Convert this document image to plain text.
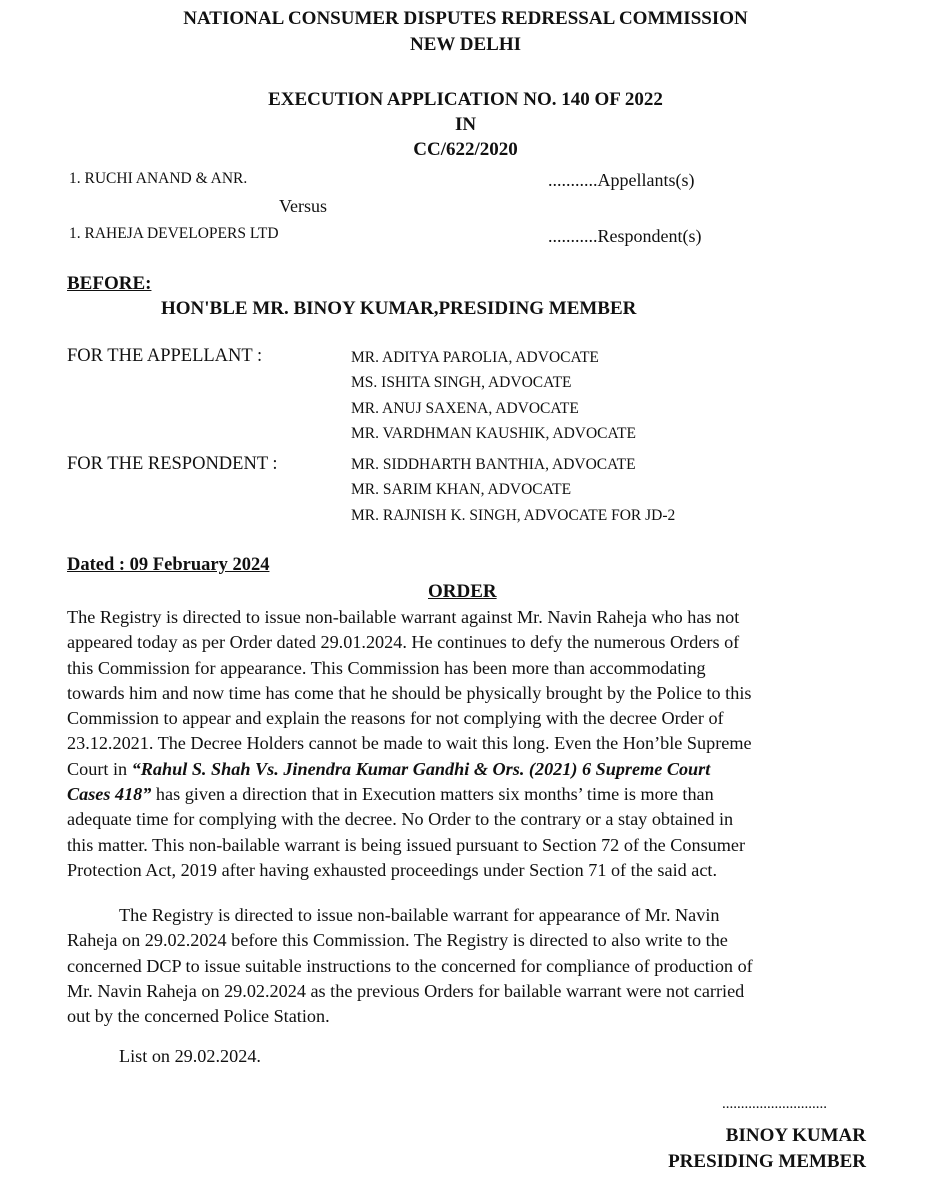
NATIONAL CONSUMER DISPUTES REDRESSAL COMMISSION
NEW DELHI
EXECUTION APPLICATION NO. 140 OF 2022
IN
CC/622/2020
1. RUCHI ANAND & ANR.	...........Appellants(s)
Versus
1. RAHEJA DEVELOPERS LTD	...........Respondent(s)
BEFORE:
HON'BLE MR. BINOY KUMAR,PRESIDING MEMBER
FOR THE APPELLANT :	MR. ADITYA PAROLIA, ADVOCATE
MS. ISHITA SINGH, ADVOCATE
MR. ANUJ SAXENA, ADVOCATE
MR. VARDHMAN KAUSHIK, ADVOCATE
FOR THE RESPONDENT :	MR. SIDDHARTH BANTHIA, ADVOCATE
MR. SARIM KHAN, ADVOCATE
MR. RAJNISH K. SINGH, ADVOCATE FOR JD-2
Dated : 09 February 2024
ORDER
The Registry is directed to issue non-bailable warrant against Mr. Navin Raheja who has not
appeared today as per Order dated 29.01.2024. He continues to defy the numerous Orders of
this Commission for appearance. This Commission has been more than accommodating
towards him and now time has come that he should be physically brought by the Police to this
Commission to appear and explain the reasons for not complying with the decree Order of
23.12.2021. The Decree Holders cannot be made to wait this long. Even the Hon’ble Supreme
Court in “Rahul S. Shah Vs. Jinendra Kumar Gandhi & Ors. (2021) 6 Supreme Court
Cases 418” has given a direction that in Execution matters six months’ time is more than
adequate time for complying with the decree. No Order to the contrary or a stay obtained in
this matter. This non-bailable warrant is being issued pursuant to Section 72 of the Consumer
Protection Act, 2019 after having exhausted proceedings under Section 71 of the said act.
The Registry is directed to issue non-bailable warrant for appearance of Mr. Navin
Raheja on 29.02.2024 before this Commission. The Registry is directed to also write to the
concerned DCP to issue suitable instructions to the concerned for compliance of production of
Mr. Navin Raheja on 29.02.2024 as the previous Orders for bailable warrant were not carried
out by the concerned Police Station.
List on 29.02.2024.
............................
BINOY KUMAR
PRESIDING MEMBER
